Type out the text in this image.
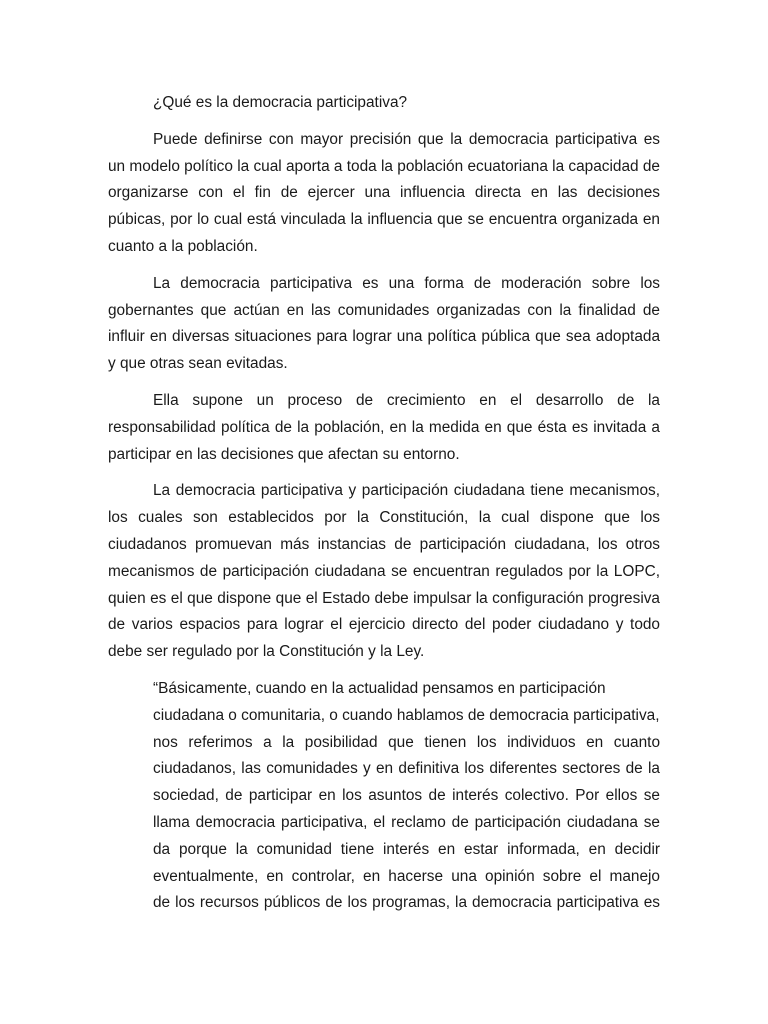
¿Qué es la democracia participativa?

Puede definirse con mayor precisión que la democracia participativa es un modelo político la cual aporta a toda la población ecuatoriana la capacidad de organizarse con el fin de ejercer una influencia directa en las decisiones púbicas, por lo cual está vinculada la influencia que se encuentra organizada en cuanto a la población.

La democracia participativa es una forma de moderación sobre los gobernantes que actúan en las comunidades organizadas con la finalidad de influir en diversas situaciones para lograr una política pública que sea adoptada y que otras sean evitadas.

Ella supone un proceso de crecimiento en el desarrollo de la responsabilidad política de la población, en la medida en que ésta es invitada a participar en las decisiones que afectan su entorno.

La democracia participativa y participación ciudadana tiene mecanismos, los cuales son establecidos por la Constitución, la cual dispone que los ciudadanos promuevan más instancias de participación ciudadana, los otros mecanismos de participación ciudadana se encuentran regulados por la LOPC, quien es el que dispone que el Estado debe impulsar la configuración progresiva de varios espacios para lograr el ejercicio directo del poder ciudadano y todo debe ser regulado por la Constitución y la Ley.

“Básicamente, cuando en la actualidad pensamos en participación
ciudadana o comunitaria, o cuando hablamos de democracia participativa,
nos referimos a la posibilidad que tienen los individuos en cuanto
ciudadanos, las comunidades y en definitiva los diferentes sectores de la
sociedad, de participar en los asuntos de interés colectivo. Por ellos se
llama democracia participativa, el reclamo de participación ciudadana se
da porque la comunidad tiene interés en estar informada, en decidir
eventualmente, en controlar, en hacerse una opinión sobre el manejo
de los recursos públicos de los programas, la democracia participativa es
